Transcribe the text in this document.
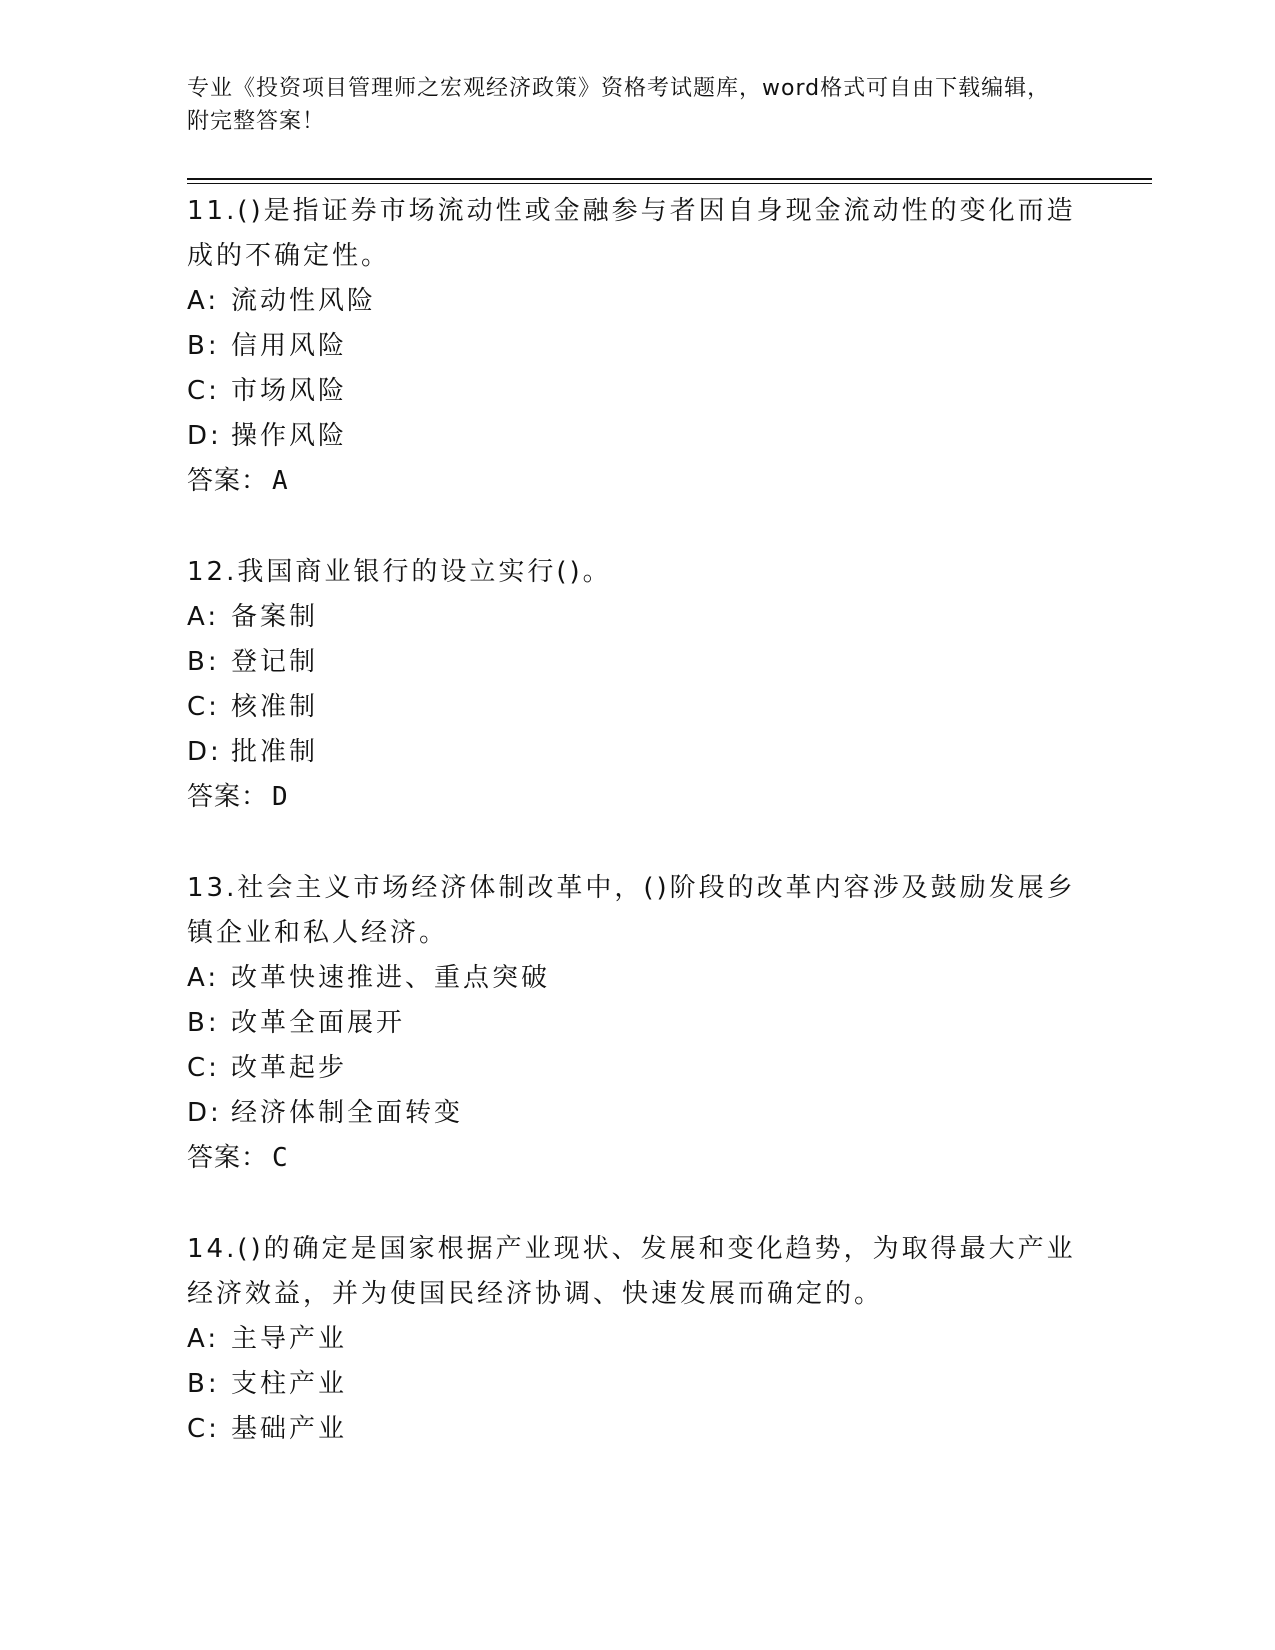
专业《投资项目管理师之宏观经济政策》资格考试题库，word格式可自由下载编辑，附完整答案！

11.()是指证券市场流动性或金融参与者因自身现金流动性的变化而造成的不确定性。

A: 流动性风险
B: 信用风险
C: 市场风险
D: 操作风险
答案： A

12.我国商业银行的设立实行()。

A: 备案制
B: 登记制
C: 核准制
D: 批准制
答案： D

13.社会主义市场经济体制改革中，()阶段的改革内容涉及鼓励发展乡镇企业和私人经济。

A: 改革快速推进、重点突破
B: 改革全面展开
C: 改革起步
D: 经济体制全面转变
答案： C

14.()的确定是国家根据产业现状、发展和变化趋势，为取得最大产业经济效益，并为使国民经济协调、快速发展而确定的。

A: 主导产业
B: 支柱产业
C: 基础产业
